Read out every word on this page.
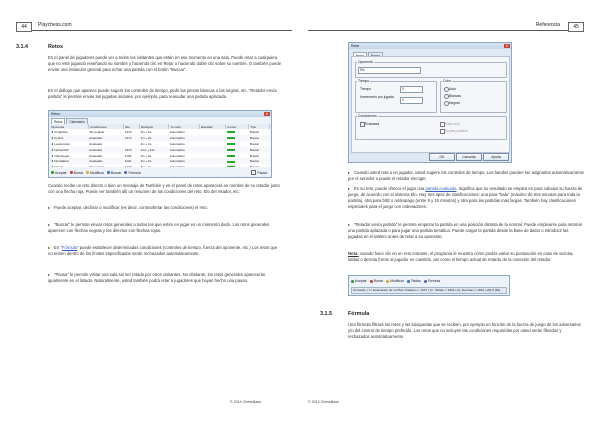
44	Playchess.com
3.1.4	Retos

En el panel de jugadores puede ver a todos los visitantes que están en ese momento en una sala. Puede retar a cualquiera que no esté jugando reseñando su nombre y haciendo clic en Retar o haciendo doble clic sobre su nombre. O también puede enviar una invitación general para echar una partida con el botón "Buscar".

En el diálogo que aparece puede sugerir los controles de tiempo, pedir las piezas blancas o las negras, etc. "Retador envía partida" le permite enviar las jugadas iniciales, por ejemplo, para reanudar una partida aplazada.

Retos	✕
Retos	Calendario
Oponente	Condiciones	Elo	Refugios	Tu color	Elucidas	Correc.	Tipo
⬇ Knighttour	Sin evaluar	1415	3m + 0s	Automático			Buscar
⬇ Kyolve	Evaluada	1272	1m + 0s	Automático			Buscar
⬇ Leedemann	Evaluada		4m + 1s	Automático			Buscar
⬇ NorbertKR	Evaluada	1372	12m + 12s	Automático			Buscar
⬇ Obersteger	Evaluada	1128	3m + 0s	Automático			Buscar
⬇ Duradabex	Evaluada	1122	3m + 2s	Automático			Buscar

Aceptar Borrar Modificar Buscar Fórmula	Pausa

Cuando recibe un reto directo o bien un mensaje de También y en el panel de retos aparecerá en nombre de su retador junto con una flecha roja. Puede ver también allí un resumen de las condiciones del reto, Elo del retador, etc.

Puede aceptar, declinar o modificar (es decir, contraofertar las condiciones) el reto.

"Buscar" le permite enviar retos generales a todos los que estén en jugar en un momento dado. Los retos generales aparecen con flechas negras y los directos con flechas rojas.

En "Fórmula" puede establecer determinadas condiciones (controles de tiempo, fuerza del oponente, etc.) Los retos que no entren dentro de los límites especificados serán rechazados automáticamente.

"Pausa" le permite visitar una sala sin ser retado por otros visitantes. No obstante, los retos generales aparecerán igualmente en el listado. Naturalmente, usted también podrá retar a jugadores que hayan hecho una pausa.

© 2014 ChessBase
Referencia	45
Retar	✕
Oponente
Efs
Tiempo
Tiempo	5
Incremento por jugada
0
Color
Auto
Blancas
Negras
Condiciones
Evaluada	Usar reloj
Enviar posición
OK	Cancelar	Ayuda

Cuando usted reta a un jugador, usted sugiere los controles de tiempo. Los bandos pueden ser asignados automáticamente por el servidor o puede el retador escoger.

En su reto, puede ofrecer el jugar una partida evaluada. Significa que su resultado se emplea en para calcular su fuerza de juego, de acuerdo con el sistema Elo. Hay tres tipos de clasificaciones: una para "bala" (máximo de tres minutos para toda la partida), otra para blitz o relámpago (entre 5 y 15 minutos) y otra para las partidas más largas. También hay clasificaciones especiales para el juego con ordenadores.

"Retador envía partida" le permite empezar la partida en una posición distinta de la normal. Puede emplearse para retomar una partida aplazada o para jugar una partida temática. Puede cargar la partida desde la base de datos o introducir las jugadas en el tablero antes de retar a su oponente.

Nota: cuando hace clic en un reto entrante, el programa le muestra cómo podría variar su puntuación en caso de victoria, tablas o derrota frente al jugador en cuestión, así como el tiempo actual de retardo de la conexión del retador.

Aceptar Borrar Modificar Tablas Fórmula
Pensado y == Evaluación de su Plan: Patterns = 1937 | 3) : Tablas = 1844 (-0), Derrotas = 1822 (-20) 0 [52]
3.1.5	Fórmula

Una fórmula filtrará los retos y las búsquedas que se reciben, por ejemplo en función de la fuerza de juego de los adversarios y/o del control de tiempo preferido. Los retos que no incluyen las condiciones requeridas por usted serán filtrados y rechazados automáticamente.

© 2014 ChessBase
